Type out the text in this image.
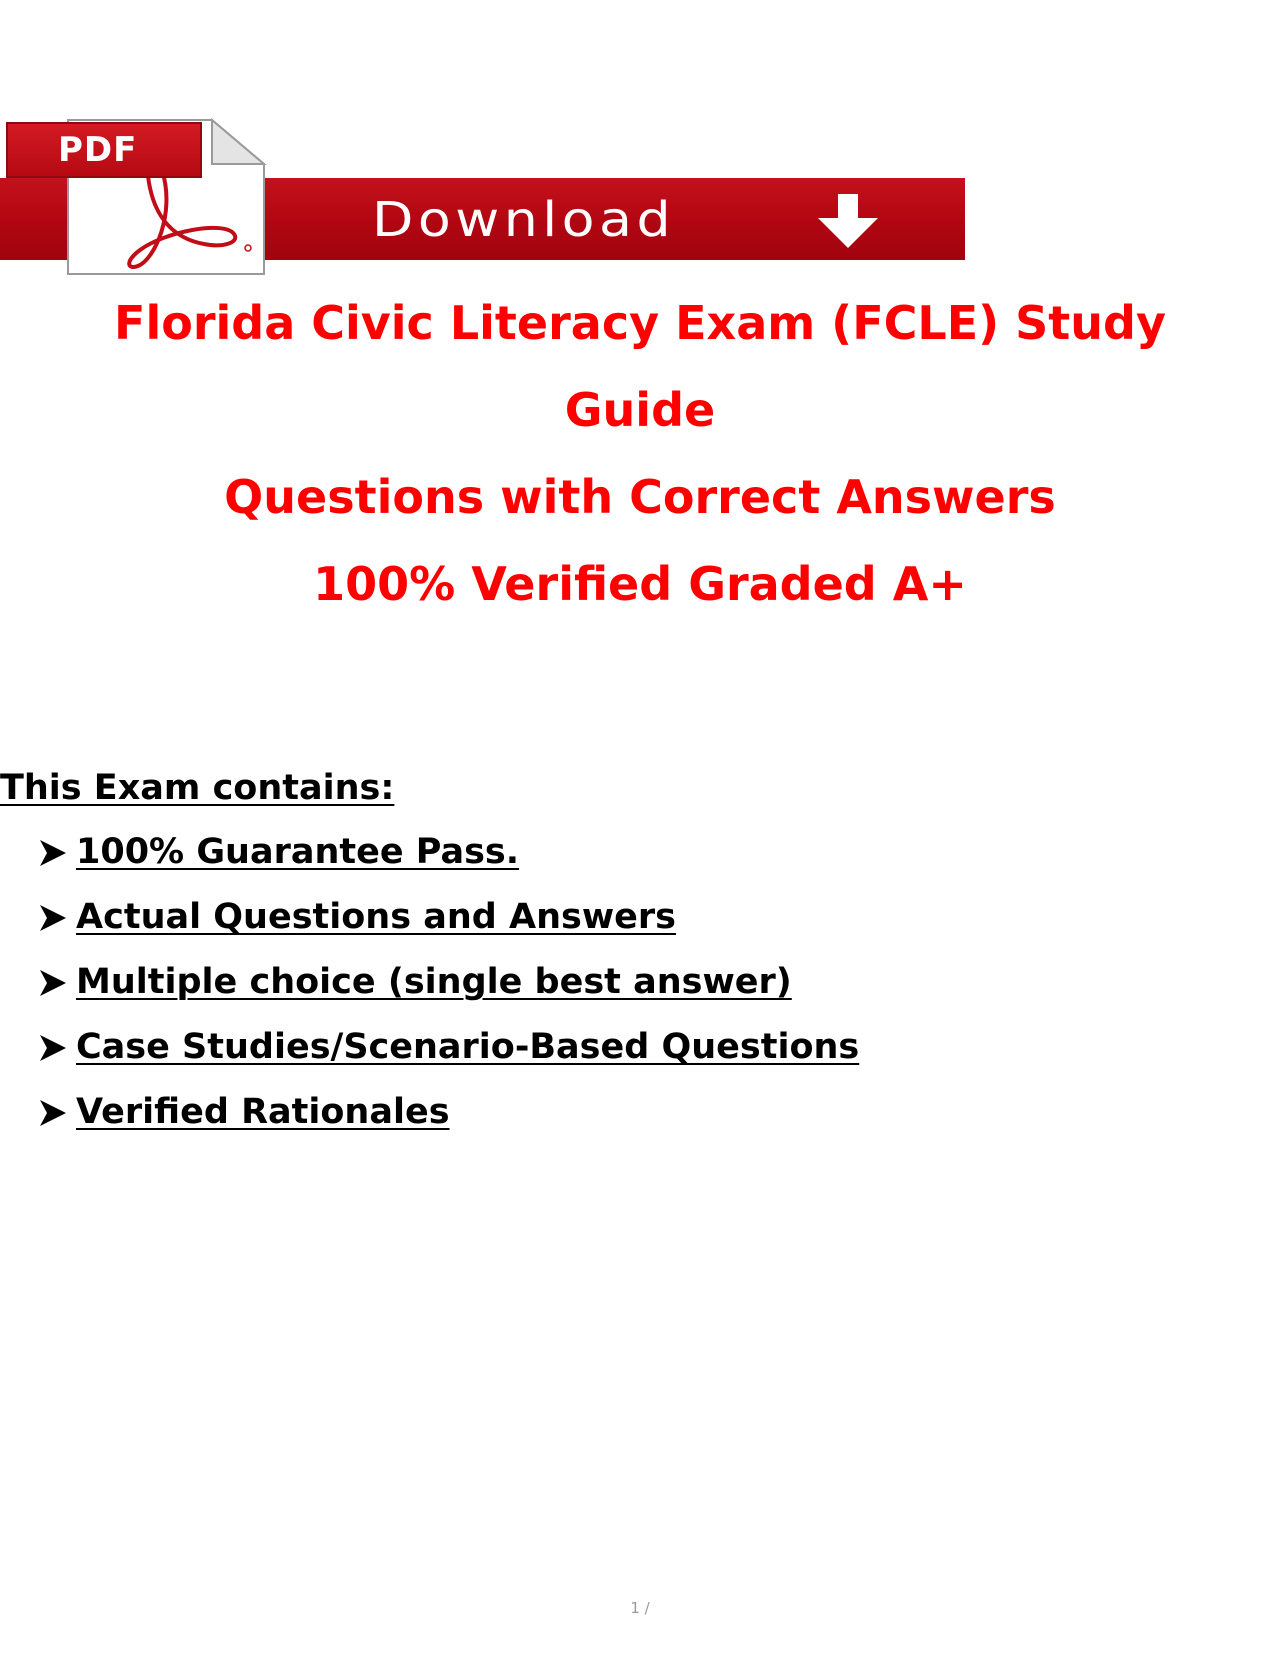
PDF
Download
Florida Civic Literacy Exam (FCLE) Study
Guide
Questions with Correct Answers
100% Verified Graded A+
This Exam contains:
100% Guarantee Pass.
Actual Questions and Answers
Multiple choice (single best answer)
Case Studies/Scenario-Based Questions
Verified Rationales
1 /
